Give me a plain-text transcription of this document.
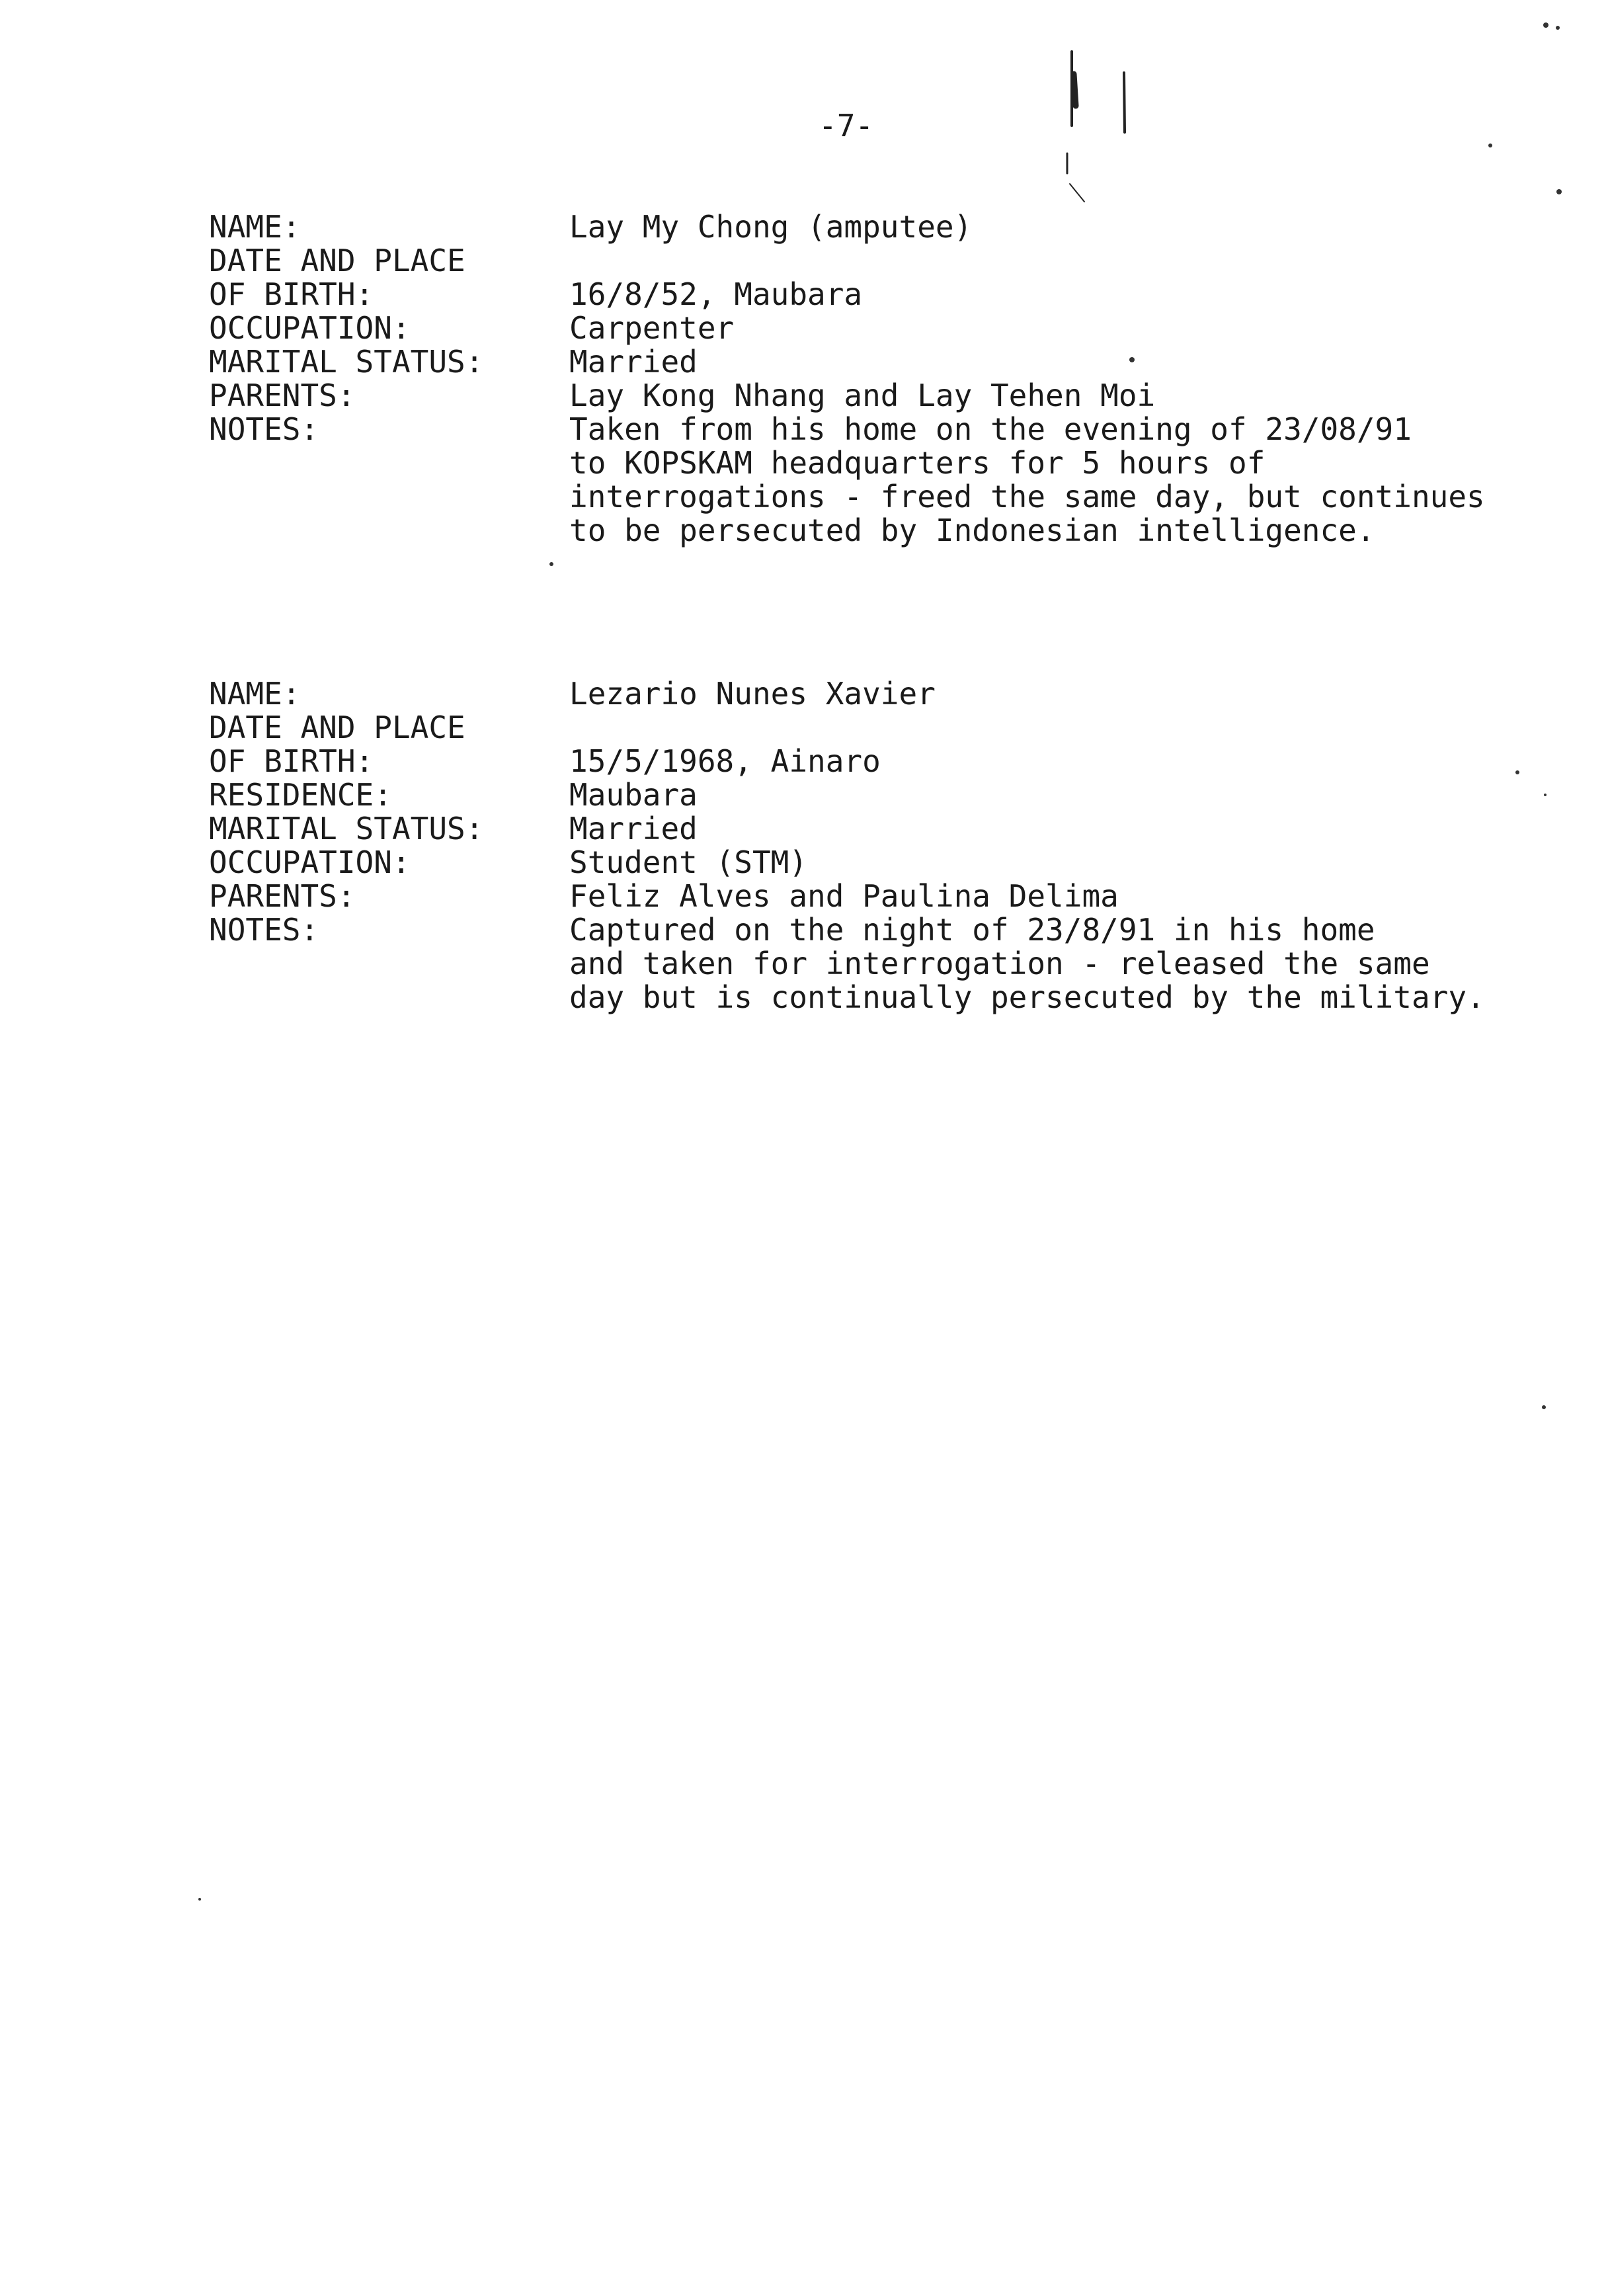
-7-
NAME:	Lay My Chong (amputee)
DATE AND PLACE
OF BIRTH:	16/8/52, Maubara
OCCUPATION:	Carpenter
MARITAL STATUS:	Married
PARENTS:	Lay Kong Nhang and Lay Tehen Moi
NOTES:	Taken from his home on the evening of 23/08/91
to KOPSKAM headquarters for 5 hours of
interrogations - freed the same day, but continues
to be persecuted by Indonesian intelligence.
NAME:	Lezario Nunes Xavier
DATE AND PLACE
OF BIRTH:	15/5/1968, Ainaro
RESIDENCE:	Maubara
MARITAL STATUS:	Married
OCCUPATION:	Student (STM)
PARENTS:	Feliz Alves and Paulina Delima
NOTES:	Captured on the night of 23/8/91 in his home
and taken for interrogation - released the same
day but is continually persecuted by the military.
